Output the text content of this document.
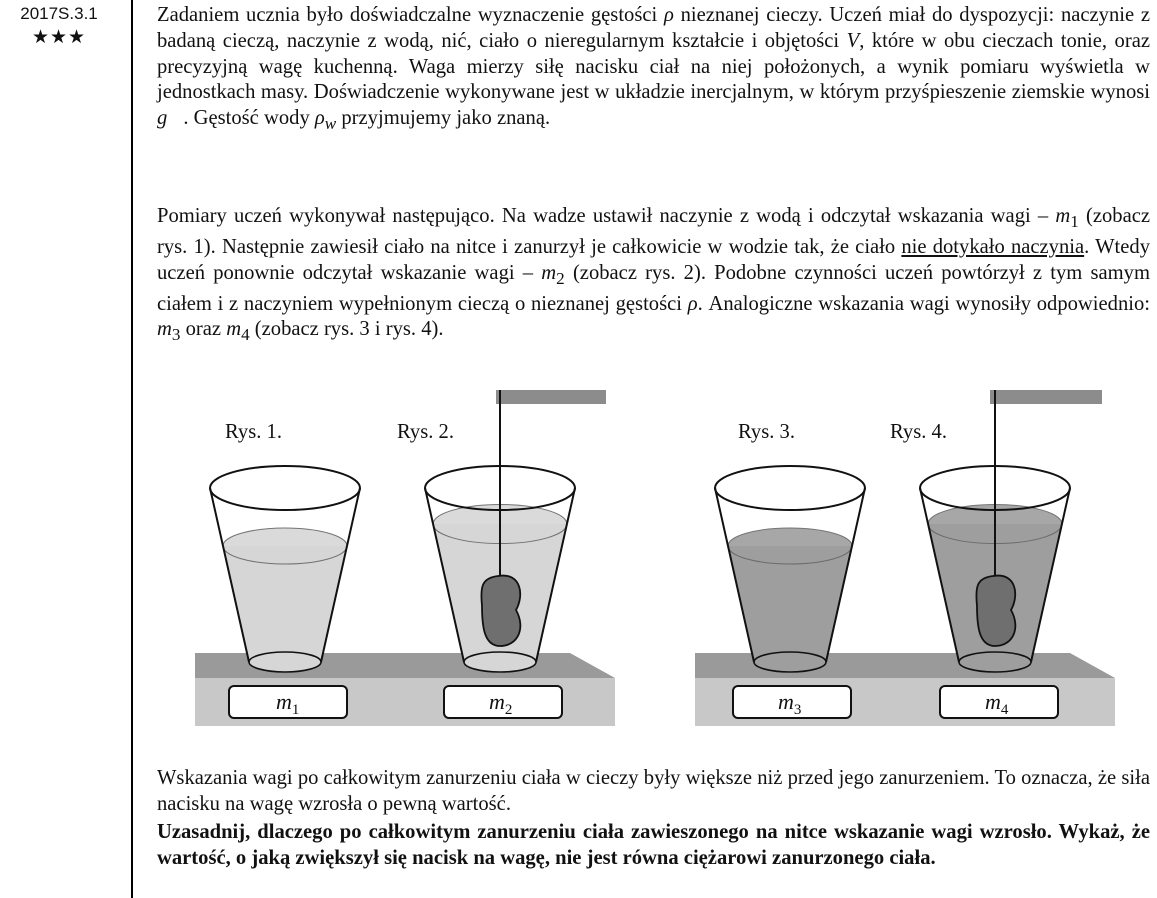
2017S.3.1
★★★

Zadaniem ucznia było doświadczalne wyznaczenie gęstości ρ nieznanej cieczy. Uczeń miał do dyspozycji: naczynie z badaną cieczą, naczynie z wodą, nić, ciało o nieregularnym kształcie i objętości V, które w obu cieczach tonie, oraz precyzyjną wagę kuchenną. Waga mierzy siłę nacisku ciał na niej położonych, a wynik pomiaru wyświetla w jednostkach masy. Doświadczenie wykonywane jest w układzie inercjalnym, w którym przyśpieszenie ziemskie wynosi g⃗. Gęstość wody $\rho_w$ przyjmujemy jako znaną.

Pomiary uczeń wykonywał następująco. Na wadze ustawił naczynie z wodą i odczytał wskazania wagi – $m_1$ (zobacz rys. 1). Następnie zawiesił ciało na nitce i zanurzył je całkowicie w wodzie tak, że ciało nie dotykało naczynia. Wtedy uczeń ponownie odczytał wskazanie wagi – $m_2$ (zobacz rys. 2). Podobne czynności uczeń powtórzył z tym samym ciałem i z naczyniem wypełnionym cieczą o nieznanej gęstości ρ. Analogiczne wskazania wagi wynosiły odpowiednio: $m_3$ oraz $m_4$ (zobacz rys. 3 i rys. 4).

Wskazania wagi po całkowitym zanurzeniu ciała w cieczy były większe niż przed jego zanurzeniem. To oznacza, że siła nacisku na wagę wzrosła o pewną wartość.

Uzasadnij, dlaczego po całkowitym zanurzeniu ciała zawieszonego na nitce wskazanie wagi wzrosło. Wykaż, że wartość, o jaką zwiększył się nacisk na wagę, nie jest równa ciężarowi zanurzonego ciała.

Rys. 1.	Rys. 2.	Rys. 3.	Rys. 4.
$m_1$	$m_2$	$m_3$	$m_4$
